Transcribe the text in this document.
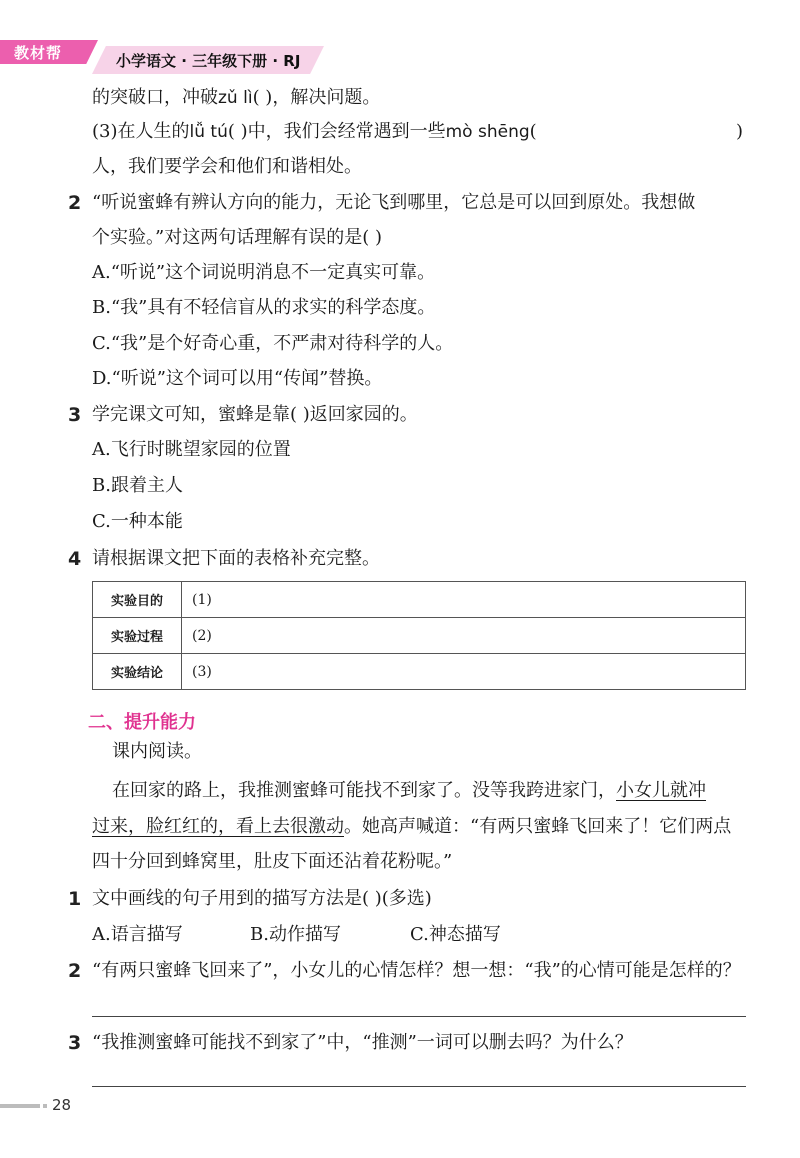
教材帮	小学语文 · 三年级下册 · RJ
的突破口，冲破zǔ lì( )，解决问题。
(3)在人生的lǚ tú( )中，我们会经常遇到一些mò shēng(	)
人，我们要学会和他们和谐相处。
2 “听说蜜蜂有辨认方向的能力，无论飞到哪里，它总是可以回到原处。我想做
个实验。”对这两句话理解有误的是( )
A.“听说”这个词说明消息不一定真实可靠。
B.“我”具有不轻信盲从的求实的科学态度。
C.“我”是个好奇心重，不严肃对待科学的人。
D.“听说”这个词可以用“传闻”替换。
3 学完课文可知，蜜蜂是靠( )返回家园的。
A.飞行时眺望家园的位置
B.跟着主人
C.一种本能
4 请根据课文把下面的表格补充完整。
实验目的	(1)
实验过程	(2)
实验结论	(3)
二、提升能力
课内阅读。
在回家的路上，我推测蜜蜂可能找不到家了。没等我跨进家门，小女儿就冲
过来，脸红红的，看上去很激动。她高声喊道：“有两只蜜蜂飞回来了！它们两点
四十分回到蜂窝里，肚皮下面还沾着花粉呢。”
1 文中画线的句子用到的描写方法是( )(多选)
A.语言描写	B.动作描写	C.神态描写
2 “有两只蜜蜂飞回来了”，小女儿的心情怎样？想一想：“我”的心情可能是怎样的？
3 “我推测蜜蜂可能找不到家了”中，“推测”一词可以删去吗？为什么？
28
